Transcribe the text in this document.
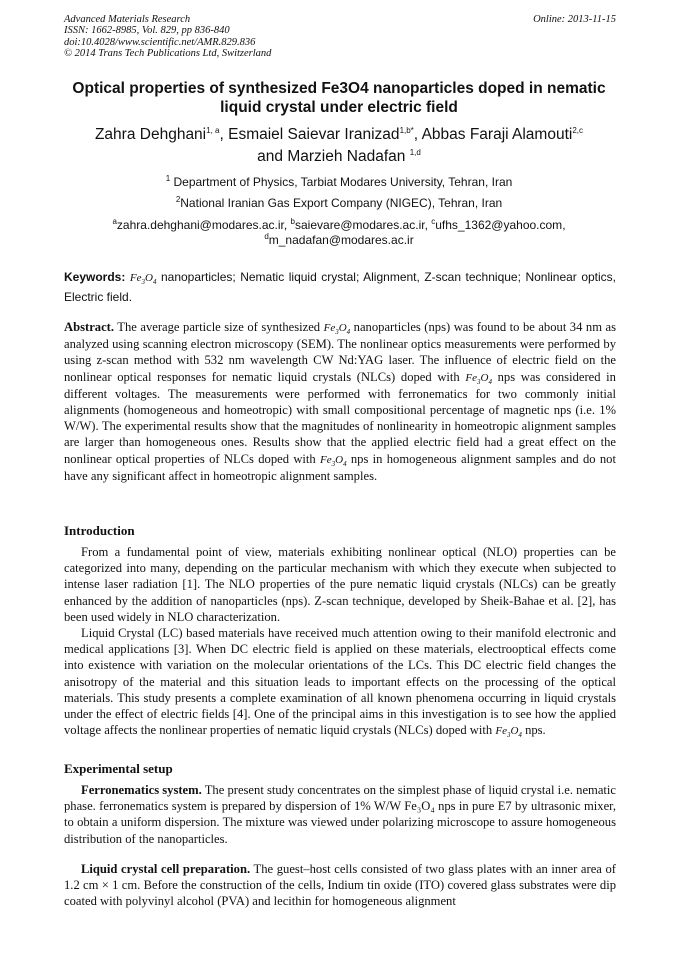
Advanced Materials Research
ISSN: 1662-8985, Vol. 829, pp 836-840
doi:10.4028/www.scientific.net/AMR.829.836
© 2014 Trans Tech Publications Ltd, Switzerland
Online: 2013-11-15
Optical properties of synthesized Fe3O4 nanoparticles doped in nematic
liquid crystal under electric field
Zahra Dehghani$^{1, a}$, Esmaiel Saievar Iranizad$^{1,b*}$, Abbas Faraji Alamouti$^{2,c}$
and Marzieh Nadafan $^{1,d}$
$^1$ Department of Physics, Tarbiat Modares University, Tehran, Iran
$^2$National Iranian Gas Export Company (NIGEC), Tehran, Iran
$^a$zahra.dehghani@modares.ac.ir, $^b$saievare@modares.ac.ir, $^c$ufhs_1362@yahoo.com,
$^d$m_nadafan@modares.ac.ir
Keywords: $Fe_3O_4$ nanoparticles; Nematic liquid crystal; Alignment, Z-scan technique; Nonlinear optics, Electric field.

Abstract. The average particle size of synthesized $Fe_3O_4$ nanoparticles (nps) was found to be about 34 nm as analyzed using scanning electron microscopy (SEM). The nonlinear optics measurements were performed by using z-scan method with 532 nm wavelength CW Nd:YAG laser. The influence of electric field on the nonlinear optical responses for nematic liquid crystals (NLCs) doped with $Fe_3O_4$ nps was considered in different voltages. The measurements were performed with ferronematics for two commonly initial alignments (homogeneous and homeotropic) with small compositional percentage of magnetic nps (i.e. 1% W/W). The experimental results show that the magnitudes of nonlinearity in homeotropic alignment samples are larger than homogeneous ones. Results show that the applied electric field had a great effect on the nonlinear optical properties of NLCs doped with $Fe_3O_4$ nps in homogeneous alignment samples and do not have any significant affect in homeotropic alignment samples.

Introduction

From a fundamental point of view, materials exhibiting nonlinear optical (NLO) properties can be categorized into many, depending on the particular mechanism with which they execute when subjected to intense laser radiation [1]. The NLO properties of the pure nematic liquid crystals (NLCs) can be greatly enhanced by the addition of nanoparticles (nps). Z-scan technique, developed by Sheik-Bahae et al. [2], has been used widely in NLO characterization.

Liquid Crystal (LC) based materials have received much attention owing to their manifold electronic and medical applications [3]. When DC electric field is applied on these materials, electrooptical effects come into existence with variation on the molecular orientations of the LCs. This DC electric field changes the anisotropy of the material and this situation leads to important effects on the processing of the optical materials. This study presents a complete examination of all known phenomena occurring in liquid crystals under the effect of electric fields [4]. One of the principal aims in this investigation is to see how the applied voltage affects the nonlinear properties of nematic liquid crystals (NLCs) doped with $Fe_3O_4$ nps.

Experimental setup

Ferronematics system. The present study concentrates on the simplest phase of liquid crystal i.e. nematic phase. ferronematics system is prepared by dispersion of 1% W/W Fe₃O₄ nps in pure E7 by ultrasonic mixer, to obtain a uniform dispersion. The mixture was viewed under polarizing microscope to assure homogeneous distribution of the nanoparticles.

Liquid crystal cell preparation. The guest–host cells consisted of two glass plates with an inner area of 1.2 cm × 1 cm. Before the construction of the cells, Indium tin oxide (ITO) covered glass substrates were dip coated with polyvinyl alcohol (PVA) and lecithin for homogeneous alignment
